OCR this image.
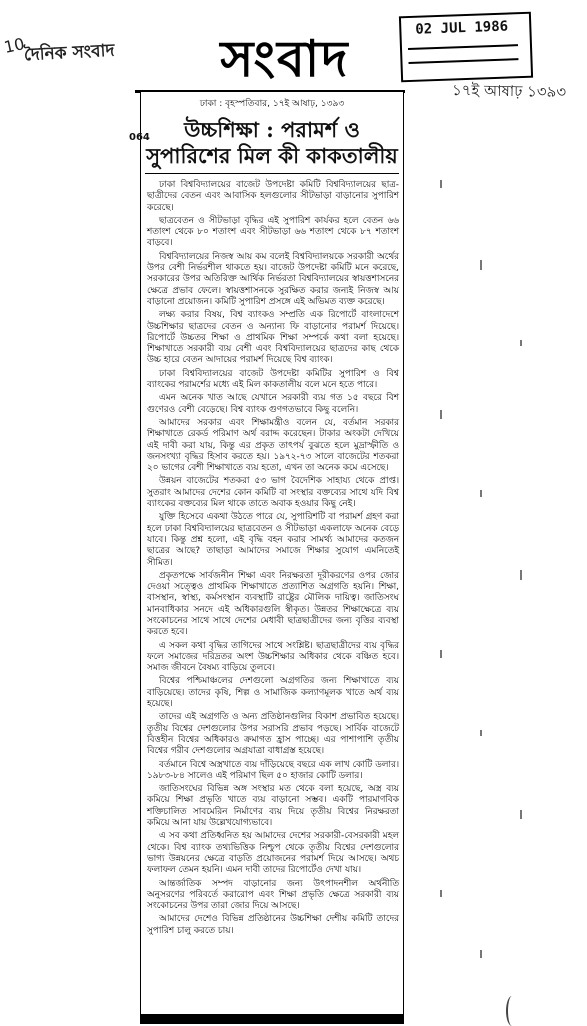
10
দৈনিক সংবাদ	সংবাদ
02 JUL 1986
১৭ই আষাঢ় ১৩৯৩
ঢাকা : বৃহস্পতিবার, ১৭ই আষাঢ়, ১৩৯৩
064	উচ্চশিক্ষা : পরামর্শ ও সুপারিশের মিল কী কাকতালীয়

ঢাকা বিশ্ববিদ্যালয়ের বাজেট উপদেষ্টা কমিটি বিশ্ববিদ্যালয়ের ছাত্র-ছাত্রীদের বেতন এবং আবাসিক হলগুলোর সীটভাড়া বাড়ানোর সুপারিশ করেছে।

ছাত্রবেতন ও সীটভাড়া বৃদ্ধির এই সুপারিশ কার্যকর হলে বেতন ৬৬ শতাংশ থেকে ৮০ শতাংশ এবং সীটভাড়া ৬৬ শতাংশ থেকে ৮৭ শতাংশ বাড়বে।

বিশ্ববিদ্যালয়ের নিজস্ব আয় কম বলেই বিশ্ববিদ্যালয়কে সরকারী অর্থের উপর বেশী নির্ভরশীল থাকতে হয়। বাজেট উপদেষ্টা কমিটি মনে করেছে, সরকারের উপর অতিরিক্ত আর্থিক নির্ভরতা বিশ্ববিদ্যালয়ের স্বায়ত্তশাসনের ক্ষেত্রে প্রভাব ফেলে। স্বায়ত্তশাসনকে সুরক্ষিত করার জন্যই নিজস্ব আয় বাড়ানো প্রয়োজন। কমিটি সুপারিশ প্রসঙ্গে এই অভিমত ব্যক্ত করেছে।

লক্ষ্য করার বিষয়, বিশ্ব ব্যাংকও সম্প্রতি এক রিপোর্টে বাংলাদেশে উচ্চশিক্ষার ছাত্রদের বেতন ও অন্যান্য ফি বাড়ানোর পরামর্শ দিয়েছে। রিপোর্টে উচ্চতর শিক্ষা ও প্রাথমিক শিক্ষা সম্পর্কে কথা বলা হয়েছে। শিক্ষাখাতে সরকারী ব্যয় বেশী এবং বিশ্ববিদ্যালয়ের ছাত্রদের কাছ থেকে উচ্চ হারে বেতন আদায়ের পরামর্শ দিয়েছে বিশ্ব ব্যাংক।

ঢাকা বিশ্ববিদ্যালয়ের বাজেট উপদেষ্টা কমিটির সুপারিশ ও বিশ্ব ব্যাংকের পরামর্শের মধ্যে এই মিল কাকতালীয় বলে মনে হতে পারে।

এমন অনেক খাত আছে যেখানে সরকারী ব্যয় গত ১৫ বছরে বিশ গুণেরও বেশী বেড়েছে। বিশ্ব ব্যাংক গুণগতভাবে কিছু বলেনি।

আমাদের সরকার এবং শিক্ষামন্ত্রীও বলেন যে, বর্তমান সরকার শিক্ষাখাতে রেকর্ড পরিমাণ অর্থ বরাদ্দ করেছেন। টাকার অংকটা দেখিয়ে এই দাবী করা যায়, কিন্তু এর প্রকৃত তাৎপর্য বুঝতে হলে মুদ্রাস্ফীতি ও জনসংখ্যা বৃদ্ধির হিসাব করতে হয়। ১৯৭২-৭৩ সালে বাজেটের শতকরা ২০ ভাগের বেশী শিক্ষাখাতে ব্যয় হতো, এখন তা অনেক কমে এসেছে।

উন্নয়ন বাজেটের শতকরা ৫৩ ভাগ বৈদেশিক সাহায্য থেকে প্রাপ্ত। সুতরাং আমাদের দেশের কোন কমিটি বা সংস্থার বক্তব্যের সাথে যদি বিশ্ব ব্যাংকের বক্তব্যের মিল থাকে তাতে অবাক হওয়ার কিছু নেই।

যুক্তি হিসেবে একথা উঠতে পারে যে, সুপারিশটি বা পরামর্শ গ্রহণ করা হলে ঢাকা বিশ্ববিদ্যালয়ের ছাত্রবেতন ও সীটভাড়া একলাফে অনেক বেড়ে যাবে। কিন্তু প্রশ্ন হলো, এই বৃদ্ধি বহন করার সামর্থ্য আমাদের কতজন ছাত্রের আছে? তাছাড়া আমাদের সমাজে শিক্ষার সুযোগ এমনিতেই সীমিত।

প্রকৃতপক্ষে সার্বজনীন শিক্ষা এবং নিরক্ষরতা দূরীকরণের ওপর জোর দেওয়া সত্ত্বেও প্রাথমিক শিক্ষাখাতে প্রত্যাশিত অগ্রগতি হয়নি। শিক্ষা, বাসস্থান, স্বাস্থ্য, কর্মসংস্থান ব্যবস্থাটি রাষ্ট্রের মৌলিক দায়িত্ব। জাতিসংঘ মানবাধিকার সনদে এই অধিকারগুলি স্বীকৃত। উন্নতর শিক্ষাক্ষেত্রে ব্যয় সংকোচনের সাথে সাথে দেশের মেধাবী ছাত্রছাত্রীদের জন্য বৃত্তির ব্যবস্থা করতে হবে।

এ সকল কথা বৃদ্ধির তাগিদের সাথে সংশ্লিষ্ট। ছাত্রছাত্রীদের ব্যয় বৃদ্ধির ফলে সমাজের দরিদ্রতর অংশ উচ্চশিক্ষার অধিকার থেকে বঞ্চিত হবে। সমাজ জীবনে বৈষম্য বাড়িয়ে তুলবে।

বিশ্বের পশ্চিমাঞ্চলের দেশগুলো অগ্রগতির জন্য শিক্ষাখাতে ব্যয় বাড়িয়েছে। তাদের কৃষি, শিল্প ও সামাজিক কল্যাণমূলক খাতে অর্থ ব্যয় হয়েছে।

তাদের এই অগ্রগতি ও অন্য প্রতিষ্ঠানগুলির বিকাশ প্রভাবিত হয়েছে। তৃতীয় বিশ্বের দেশগুলোর উপর সরাসরি প্রভাব পড়ছে। সার্বিক বাজেটে বিত্তহীন বিশ্বের অধিকারও ক্রমাগত হ্রাস পাচ্ছে। এর পাশাপাশি তৃতীয় বিশ্বের গরীব দেশগুলোর অগ্রযাত্রা বাধাগ্রস্ত হয়েছে।

বর্তমানে বিশ্বে অস্ত্রখাতে ব্যয় দাঁড়িয়েছে বছরে এক লাখ কোটি ডলার। ১৯৮৩-৮৪ সালেও এই পরিমাণ ছিল ৫০ হাজার কোটি ডলার।

জাতিসংঘের বিভিন্ন অঙ্গ সংস্থার মত থেকে বলা হয়েছে, অস্ত্র ব্যয় কমিয়ে শিক্ষা প্রভৃতি খাতে ব্যয় বাড়ানো সম্ভব। একটি পারমাণবিক শক্তিচালিত সাবমেরিন নির্মাণের ব্যয় দিয়ে তৃতীয় বিশ্বের নিরক্ষরতা কমিয়ে আনা যায় উল্লেখযোগ্যভাবে।

এ সব কথা প্রতিধ্বনিত হয় আমাদের দেশের সরকারী-বেসরকারী মহল থেকে। বিশ্ব ব্যাংক তথ্যভিত্তিক নিশ্চুপ থেকে তৃতীয় বিশ্বের দেশগুলোর ভাগ্য উন্নয়নের ক্ষেত্রে বাড়তি প্রয়োজনের পরামর্শ দিয়ে আসছে। অথচ ফলাফল তেমন হয়নি। এমন দাবী তাদের রিপোর্টেও দেখা যায়।

আন্তর্জাতিক সম্পদ বাড়ানোর জন্য উৎপাদনশীল অর্থনীতি অনুসরণের পরিবর্তে করারোপ এবং শিক্ষা প্রভৃতি ক্ষেত্রে সরকারী ব্যয় সংকোচনের উপর তারা জোর দিয়ে আসছে।

আমাদের দেশেও বিভিন্ন প্রতিষ্ঠানের উচ্চশিক্ষা দেশীয় কমিটি তাদের সুপারিশ চালু করতে চায়।
